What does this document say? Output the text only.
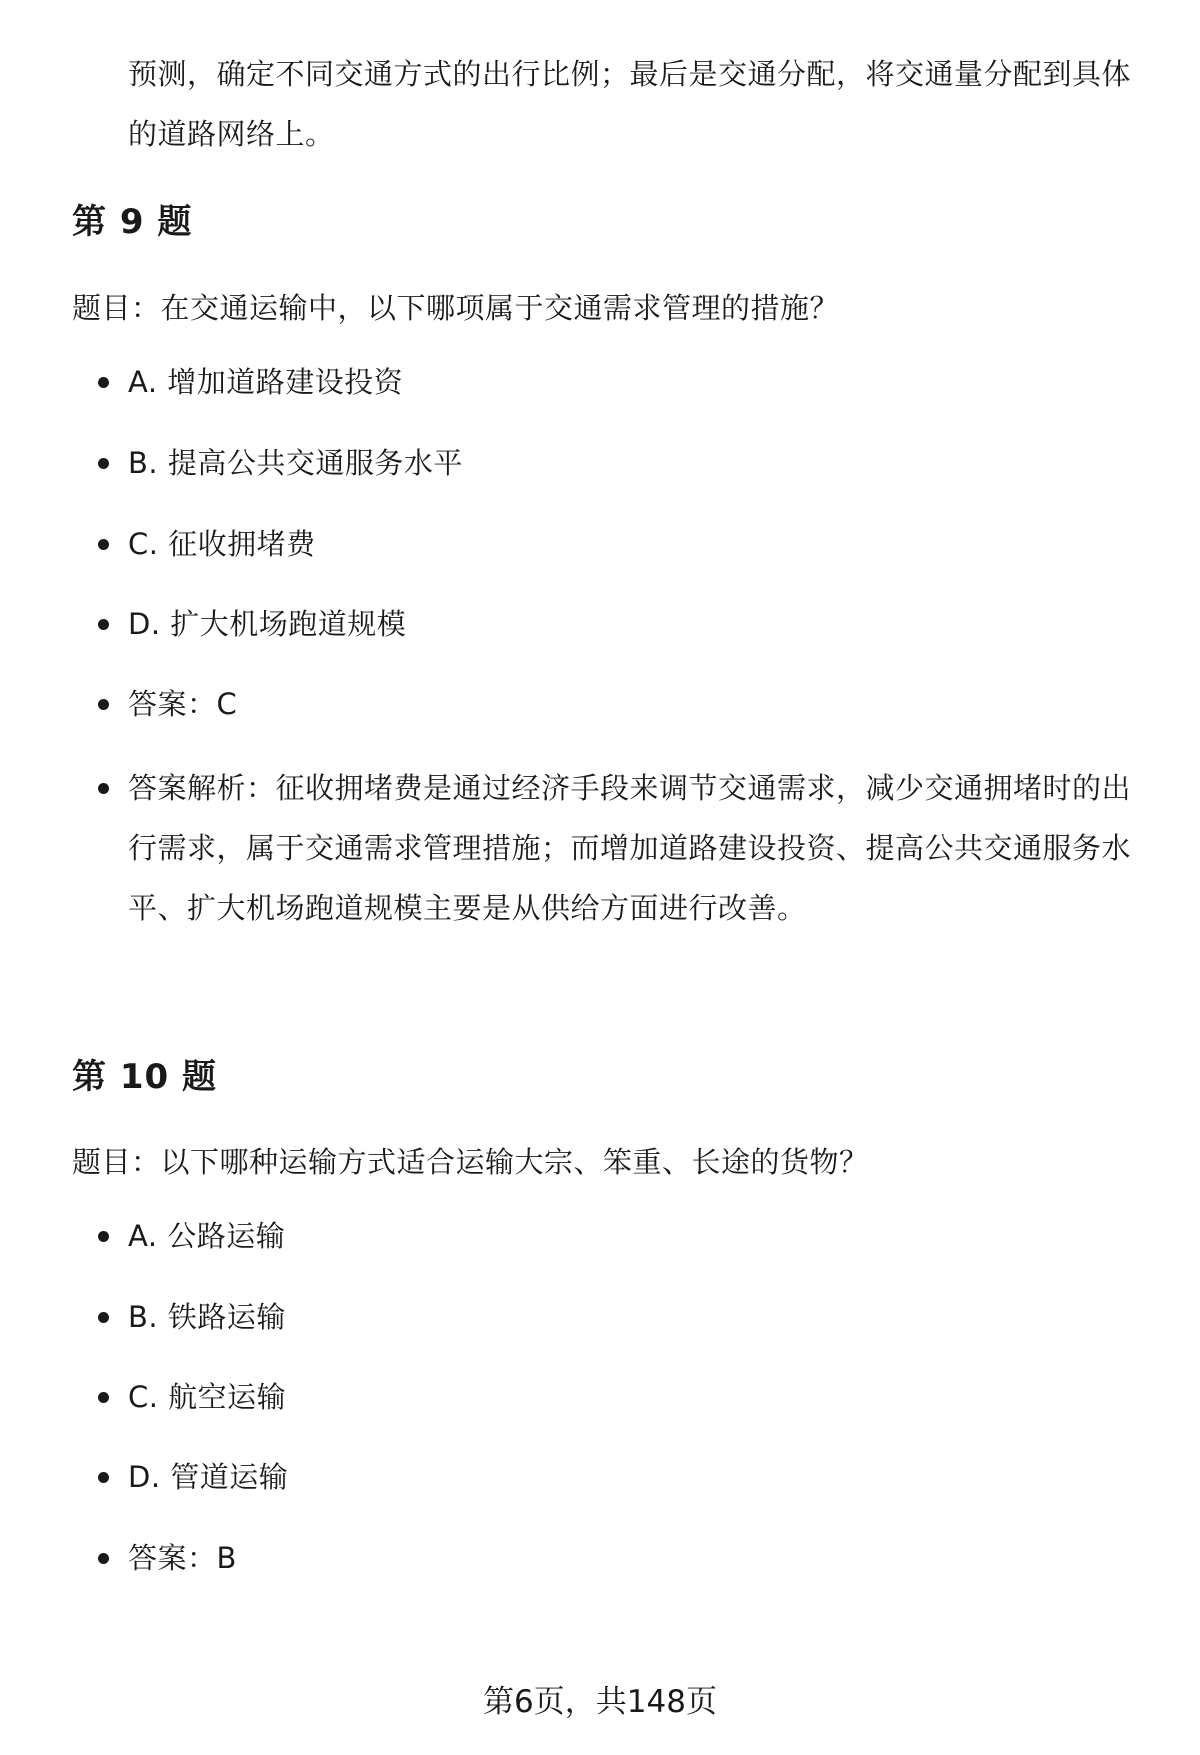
预测，确定不同交通方式的出行比例；最后是交通分配，将交通量分配到具体的道路网络上。

第 9 题

题目：在交通运输中，以下哪项属于交通需求管理的措施？

A. 增加道路建设投资
B. 提高公共交通服务水平
C. 征收拥堵费
D. 扩大机场跑道规模
答案：C
答案解析：征收拥堵费是通过经济手段来调节交通需求，减少交通拥堵时的出行需求，属于交通需求管理措施；而增加道路建设投资、提高公共交通服务水平、扩大机场跑道规模主要是从供给方面进行改善。
第 10 题

题目：以下哪种运输方式适合运输大宗、笨重、长途的货物？

A. 公路运输
B. 铁路运输
C. 航空运输
D. 管道运输
答案：B

第6页，共148页
